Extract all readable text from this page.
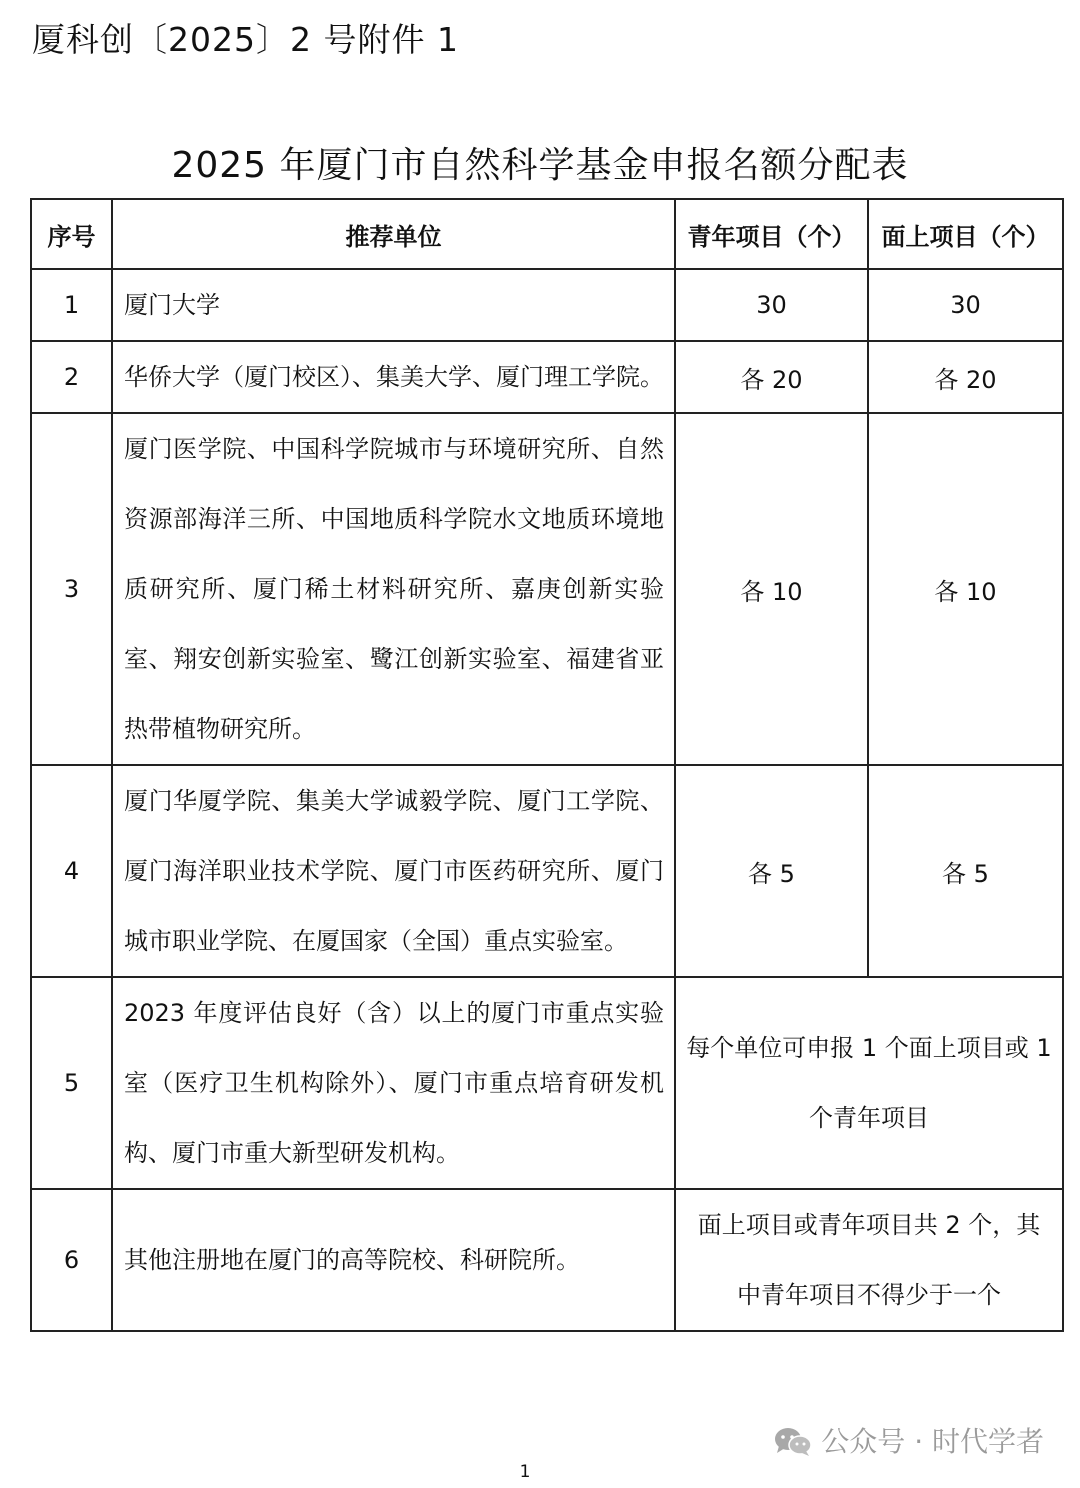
厦科创〔2025〕2 号附件 1
2025 年厦门市自然科学基金申报名额分配表
序号	推荐单位	青年项目（个）	面上项目（个）
1	厦门大学	30	30
2	华侨大学（厦门校区）、集美大学、厦门理工学院。	各 20	各 20
3	厦门医学院、中国科学院城市与环境研究所、自然资源部海洋三所、中国地质科学院水文地质环境地质研究所、厦门稀土材料研究所、嘉庚创新实验室、翔安创新实验室、鹭江创新实验室、福建省亚热带植物研究所。	各 10	各 10
4	厦门华厦学院、集美大学诚毅学院、厦门工学院、厦门海洋职业技术学院、厦门市医药研究所、厦门城市职业学院、在厦国家（全国）重点实验室。	各 5	各 5
5	2023 年度评估良好（含）以上的厦门市重点实验室（医疗卫生机构除外）、厦门市重点培育研发机构、厦门市重大新型研发机构。	每个单位可申报 1 个面上项目或 1 个青年项目	

6	其他注册地在厦门的高等院校、科研院所。	面上项目或青年项目共 2 个，其中青年项目不得少于一个	
公众号 · 时代学者
1
